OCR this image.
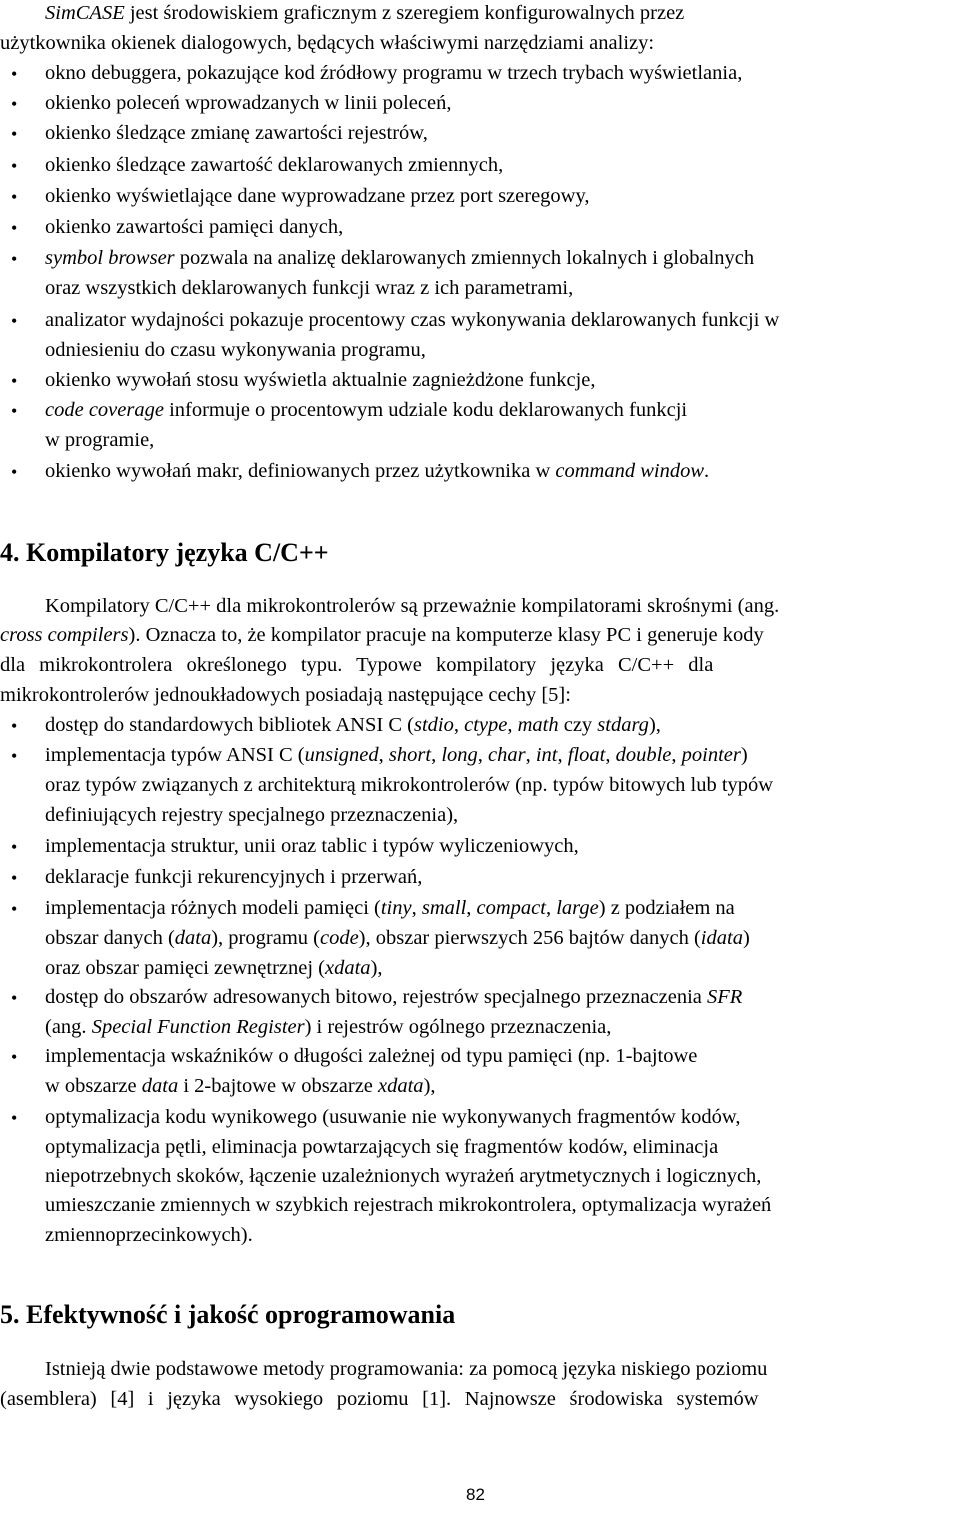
SimCASE jest środowiskiem graficznym z szeregiem konfigurowalnych przez
użytkownika okienek dialogowych, będących właściwymi narzędziami analizy:
• okno debuggera, pokazujące kod źródłowy programu w trzech trybach wyświetlania,
• okienko poleceń wprowadzanych w linii poleceń,
• okienko śledzące zmianę zawartości rejestrów,
• okienko śledzące zawartość deklarowanych zmiennych,
• okienko wyświetlające dane wyprowadzane przez port szeregowy,
• okienko zawartości pamięci danych,
• symbol browser pozwala na analizę deklarowanych zmiennych lokalnych i globalnych
oraz wszystkich deklarowanych funkcji wraz z ich parametrami,
• analizator wydajności pokazuje procentowy czas wykonywania deklarowanych funkcji w
odniesieniu do czasu wykonywania programu,
• okienko wywołań stosu wyświetla aktualnie zagnieżdżone funkcje,
• code coverage informuje o procentowym udziale kodu deklarowanych funkcji
w programie,
• okienko wywołań makr, definiowanych przez użytkownika w command window.
4. Kompilatory języka C/C++
Kompilatory C/C++ dla mikrokontrolerów są przeważnie kompilatorami skrośnymi (ang.
cross compilers). Oznacza to, że kompilator pracuje na komputerze klasy PC i generuje kody
dla mikrokontrolera określonego typu. Typowe kompilatory języka C/C++ dla
mikrokontrolerów jednoukładowych posiadają następujące cechy [5]:
• dostęp do standardowych bibliotek ANSI C (stdio, ctype, math czy stdarg),
• implementacja typów ANSI C (unsigned, short, long, char, int, float, double, pointer)
oraz typów związanych z architekturą mikrokontrolerów (np. typów bitowych lub typów
definiujących rejestry specjalnego przeznaczenia),
• implementacja struktur, unii oraz tablic i typów wyliczeniowych,
• deklaracje funkcji rekurencyjnych i przerwań,
• implementacja różnych modeli pamięci (tiny, small, compact, large) z podziałem na
obszar danych (data), programu (code), obszar pierwszych 256 bajtów danych (idata)
oraz obszar pamięci zewnętrznej (xdata),
• dostęp do obszarów adresowanych bitowo, rejestrów specjalnego przeznaczenia SFR
(ang. Special Function Register) i rejestrów ogólnego przeznaczenia,
• implementacja wskaźników o długości zależnej od typu pamięci (np. 1-bajtowe
w obszarze data i 2-bajtowe w obszarze xdata),
• optymalizacja kodu wynikowego (usuwanie nie wykonywanych fragmentów kodów,
optymalizacja pętli, eliminacja powtarzających się fragmentów kodów, eliminacja
niepotrzebnych skoków, łączenie uzależnionych wyrażeń arytmetycznych i logicznych,
umieszczanie zmiennych w szybkich rejestrach mikrokontrolera, optymalizacja wyrażeń
zmiennoprzecinkowych).
5. Efektywność i jakość oprogramowania
Istnieją dwie podstawowe metody programowania: za pomocą języka niskiego poziomu
(asemblera) [4] i języka wysokiego poziomu [1]. Najnowsze środowiska systemów
82
